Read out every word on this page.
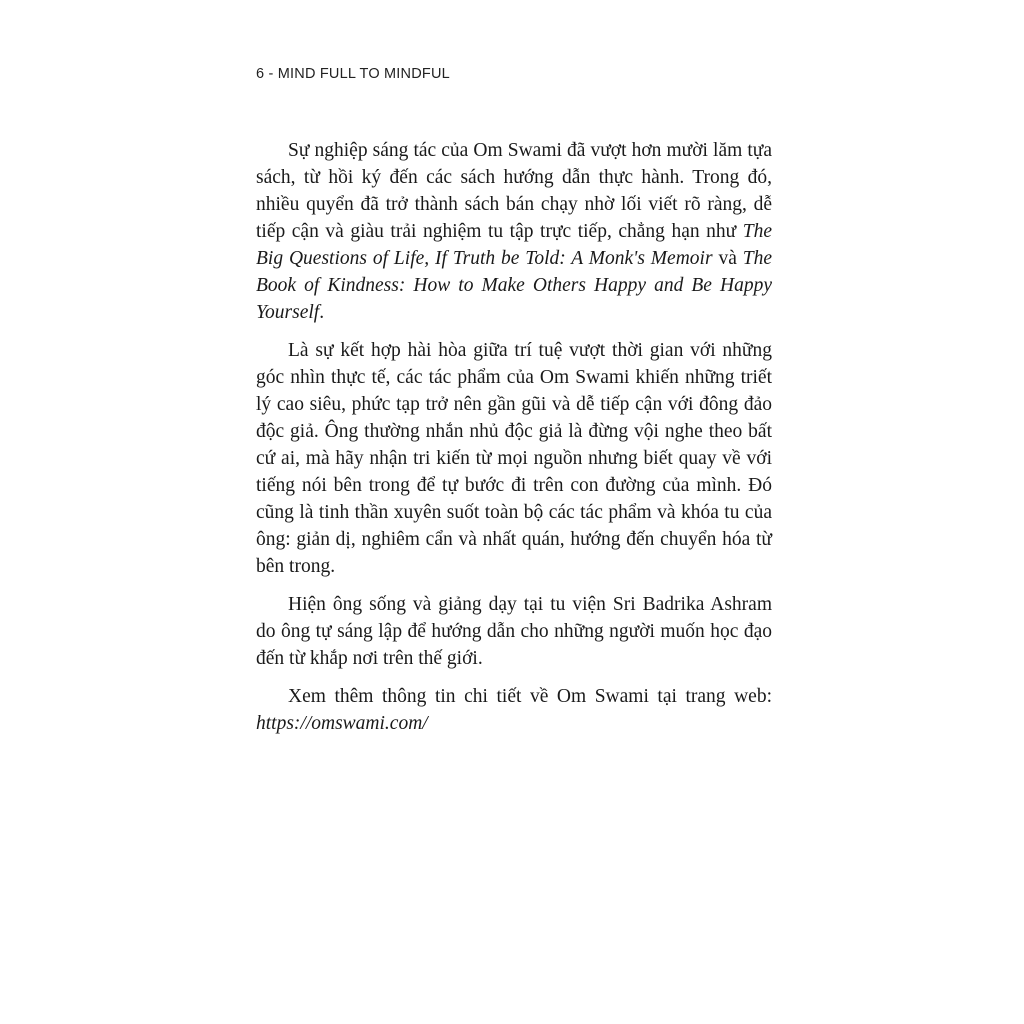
6 - MIND FULL TO MINDFUL

Sự nghiệp sáng tác của Om Swami đã vượt hơn mười lăm tựa sách, từ hồi ký đến các sách hướng dẫn thực hành. Trong đó, nhiều quyển đã trở thành sách bán chạy nhờ lối viết rõ ràng, dễ tiếp cận và giàu trải nghiệm tu tập trực tiếp, chẳng hạn như The Big Questions of Life, If Truth be Told: A Monk's Memoir và The Book of Kindness: How to Make Others Happy and Be Happy Yourself.

Là sự kết hợp hài hòa giữa trí tuệ vượt thời gian với những góc nhìn thực tế, các tác phẩm của Om Swami khiến những triết lý cao siêu, phức tạp trở nên gần gũi và dễ tiếp cận với đông đảo độc giả. Ông thường nhắn nhủ độc giả là đừng vội nghe theo bất cứ ai, mà hãy nhận tri kiến từ mọi nguồn nhưng biết quay về với tiếng nói bên trong để tự bước đi trên con đường của mình. Đó cũng là tinh thần xuyên suốt toàn bộ các tác phẩm và khóa tu của ông: giản dị, nghiêm cẩn và nhất quán, hướng đến chuyển hóa từ bên trong.

Hiện ông sống và giảng dạy tại tu viện Sri Badrika Ashram do ông tự sáng lập để hướng dẫn cho những người muốn học đạo đến từ khắp nơi trên thế giới.

Xem thêm thông tin chi tiết về Om Swami tại trang web: https://omswami.com/
